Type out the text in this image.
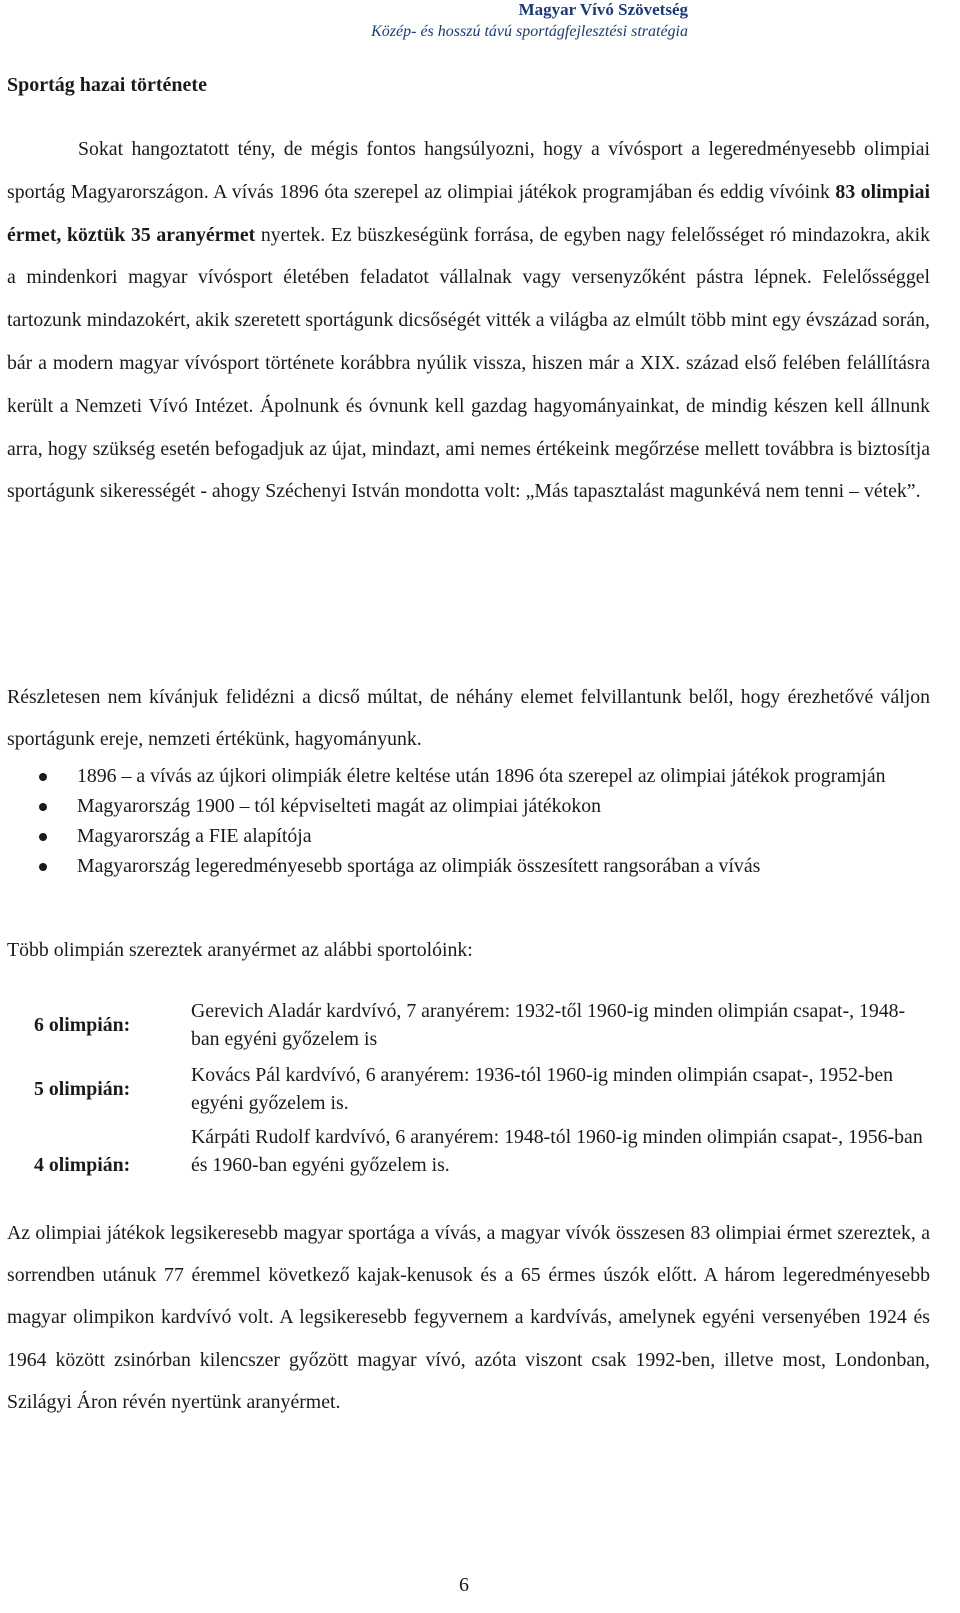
Magyar Vívó Szövetség
Közép- és hosszú távú sportágfejlesztési stratégia
Sportág hazai története

Sokat hangoztatott tény, de mégis fontos hangsúlyozni, hogy a vívósport a legeredményesebb olimpiai sportág Magyarországon. A vívás 1896 óta szerepel az olimpiai játékok programjában és eddig vívóink 83 olimpiai érmet, köztük 35 aranyérmet nyertek. Ez büszkeségünk forrása, de egyben nagy felelősséget ró mindazokra, akik a mindenkori magyar vívósport életében feladatot vállalnak vagy versenyzőként pástra lépnek. Felelősséggel tartozunk mindazokért, akik szeretett sportágunk dicsőségét vitték a világba az elmúlt több mint egy évszázad során, bár a modern magyar vívósport története korábbra nyúlik vissza, hiszen már a XIX. század első felében felállításra került a Nemzeti Vívó Intézet. Ápolnunk és óvnunk kell gazdag hagyományainkat, de mindig készen kell állnunk arra, hogy szükség esetén befogadjuk az újat, mindazt, ami nemes értékeink megőrzése mellett továbbra is biztosítja sportágunk sikerességét - ahogy Széchenyi István mondotta volt: „Más tapasztalást magunkévá nem tenni – vétek”.

Részletesen nem kívánjuk felidézni a dicső múltat, de néhány elemet felvillantunk belől, hogy érezhetővé váljon sportágunk ereje, nemzeti értékünk, hagyományunk.

1896 – a vívás az újkori olimpiák életre keltése után 1896 óta szerepel az olimpiai játékok programján
Magyarország 1900 – tól képviselteti magát az olimpiai játékokon
Magyarország a FIE alapítója
Magyarország legeredményesebb sportága az olimpiák összesített rangsorában a vívás

Több olimpián szereztek aranyérmet az alábbi sportolóink:

6 olimpián:

Gerevich Aladár kardvívó, 7 aranyérem: 1932-től 1960-ig minden olimpián csapat-, 1948-ban egyéni győzelem is

5 olimpián:

Kovács Pál kardvívó, 6 aranyérem: 1936-tól 1960-ig minden olimpián csapat-, 1952-ben egyéni győzelem is.

4 olimpián:

Kárpáti Rudolf kardvívó, 6 aranyérem: 1948-tól 1960-ig minden olimpián csapat-, 1956-ban és 1960-ban egyéni győzelem is.

Az olimpiai játékok legsikeresebb magyar sportága a vívás, a magyar vívók összesen 83 olimpiai érmet szereztek, a sorrendben utánuk 77 éremmel következő kajak-kenusok és a 65 érmes úszók előtt. A három legeredményesebb magyar olimpikon kardvívó volt. A legsikeresebb fegyvernem a kardvívás, amelynek egyéni versenyében 1924 és 1964 között zsinórban kilencszer győzött magyar vívó, azóta viszont csak 1992-ben, illetve most, Londonban, Szilágyi Áron révén nyertünk aranyérmet.

6
